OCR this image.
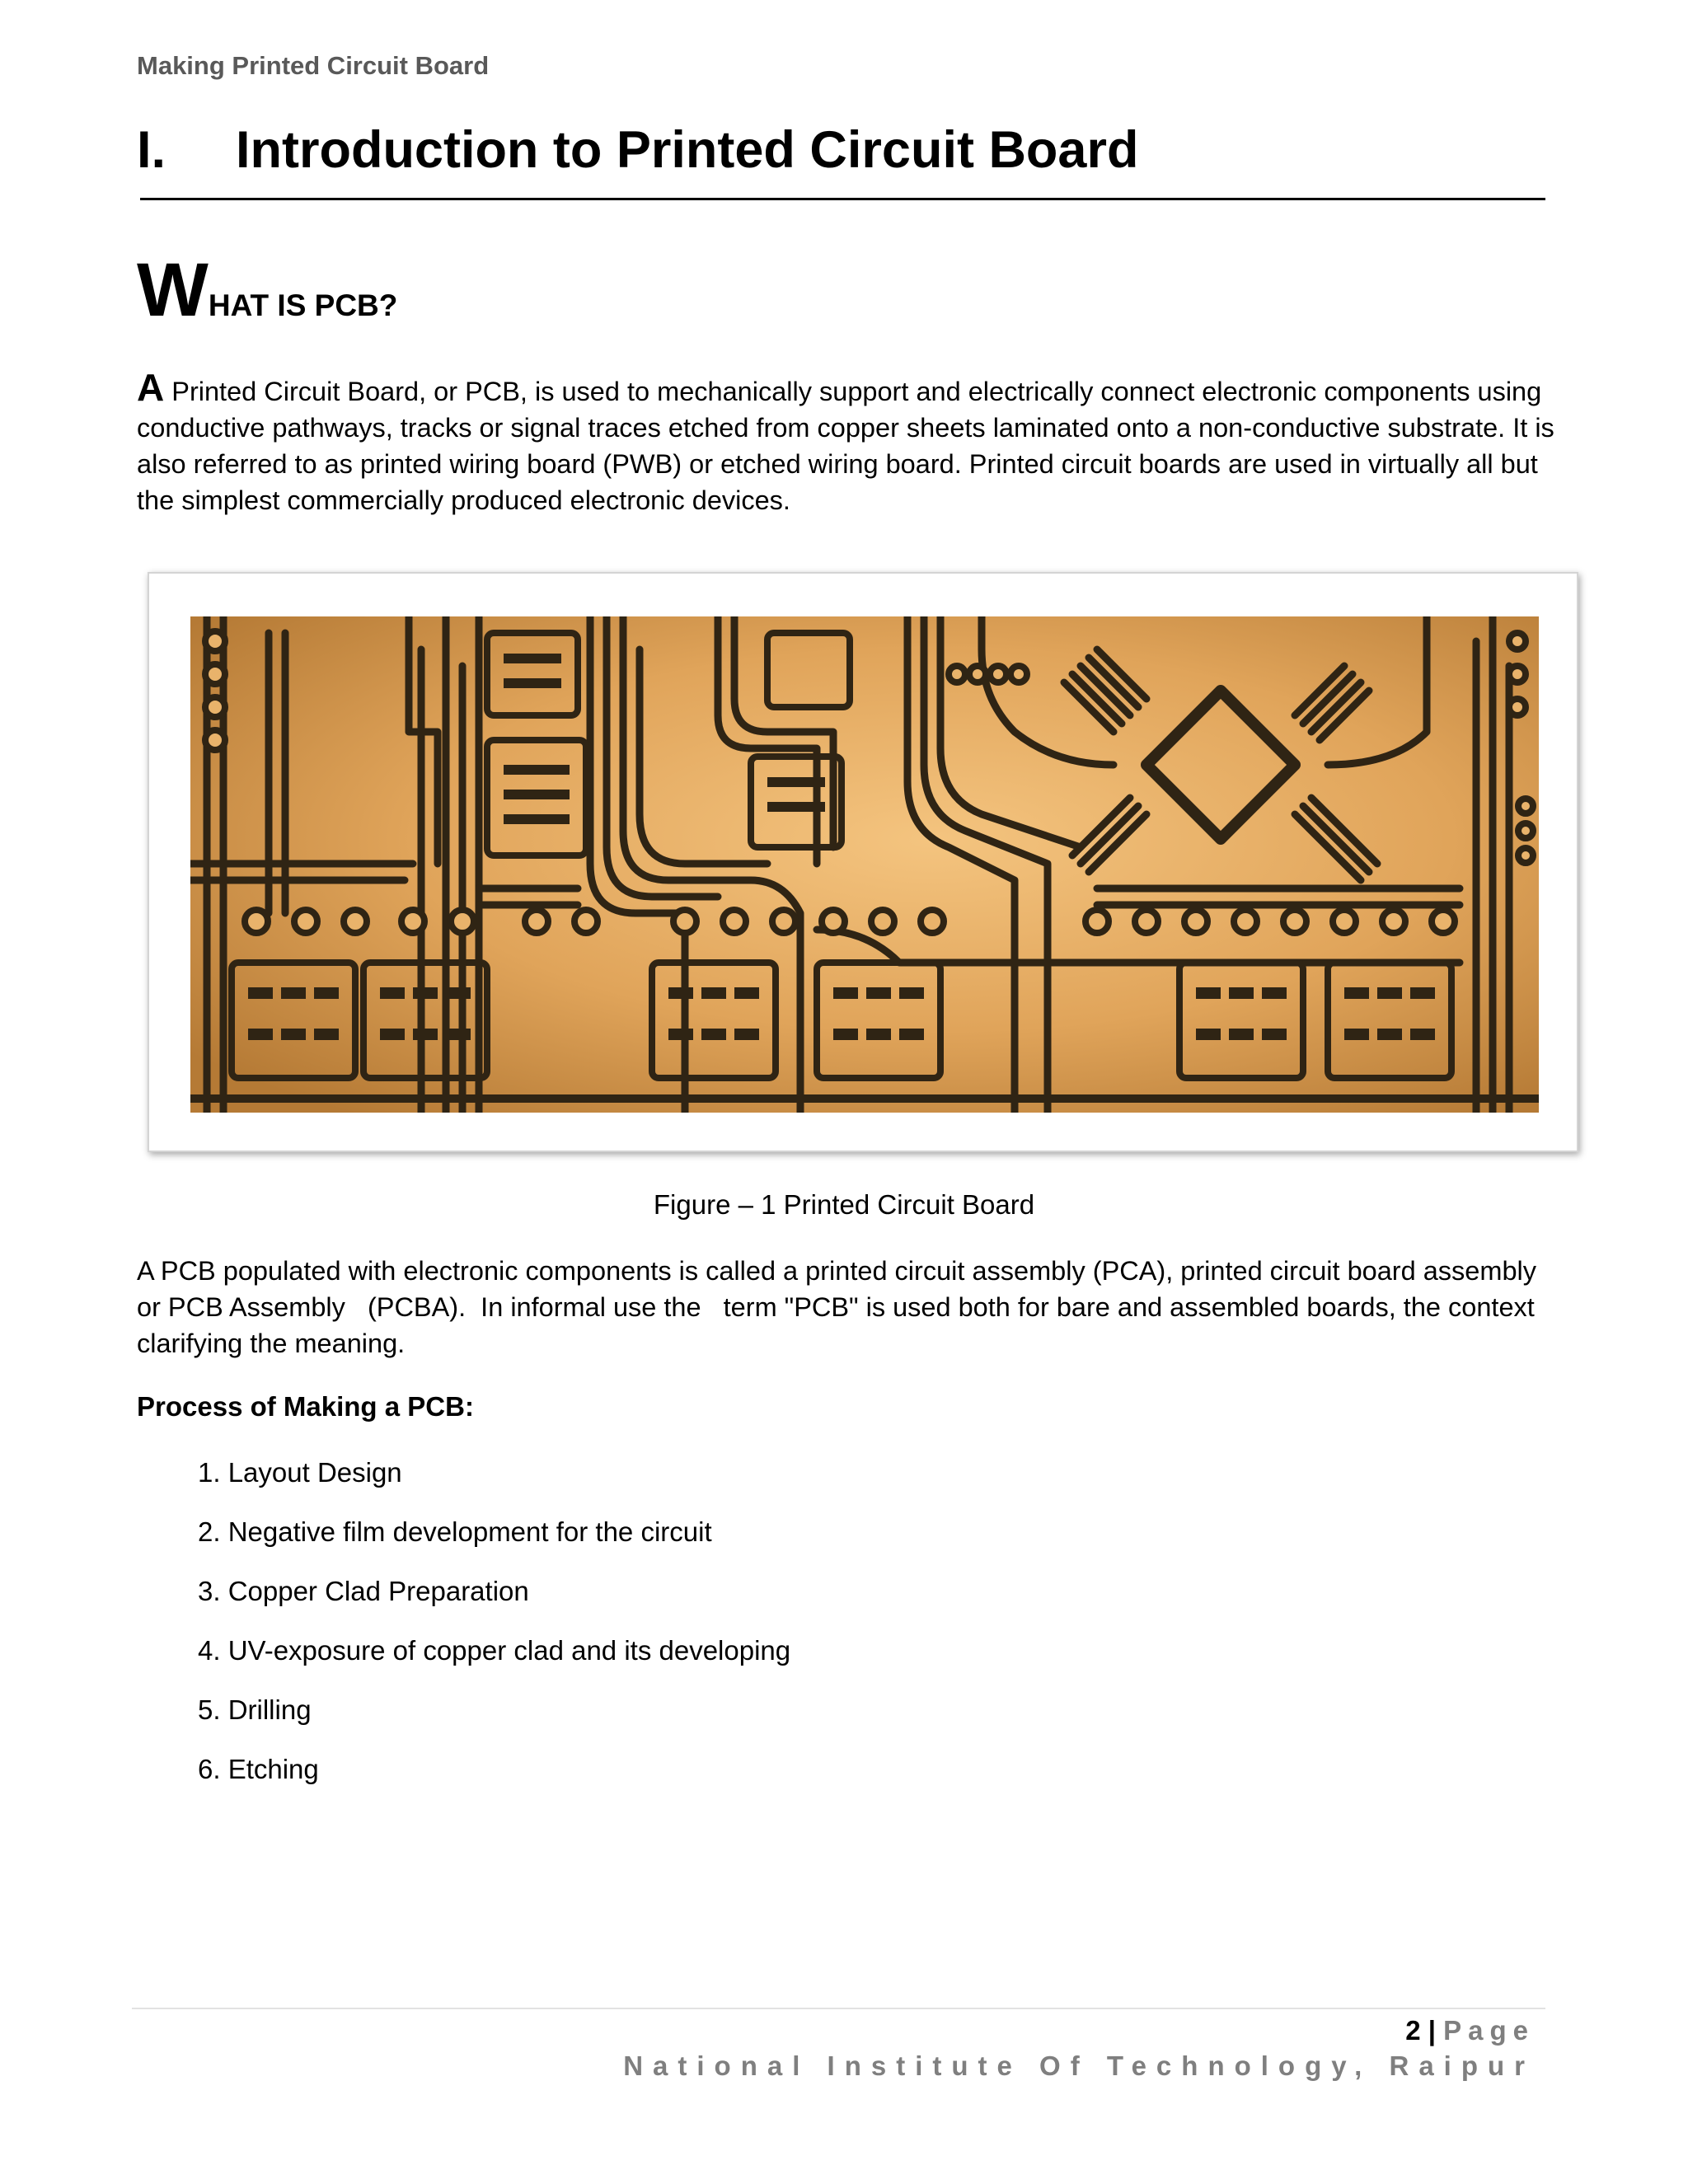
Making Printed Circuit Board
I. Introduction to Printed Circuit Board
WHAT IS PCB?
A Printed Circuit Board, or PCB, is used to mechanically support and electrically connect electronic components using conductive pathways, tracks or signal traces etched from copper sheets laminated onto a non-conductive substrate. It is also referred to as printed wiring board (PWB) or etched wiring board. Printed circuit boards are used in virtually all but the simplest commercially produced electronic devices.
Figure – 1 Printed Circuit Board
A PCB populated with electronic components is called a printed circuit assembly (PCA), printed circuit board assembly   or PCB Assembly   (PCBA).  In informal use the   term "PCB" is used both for bare and assembled boards, the context clarifying the meaning.
Process of Making a PCB:
1. Layout Design
2. Negative film development for the circuit
3. Copper Clad Preparation
4. UV-exposure of copper clad and its developing
5. Drilling
6. Etching
2 | Page
National Institute Of Technology, Raipur
